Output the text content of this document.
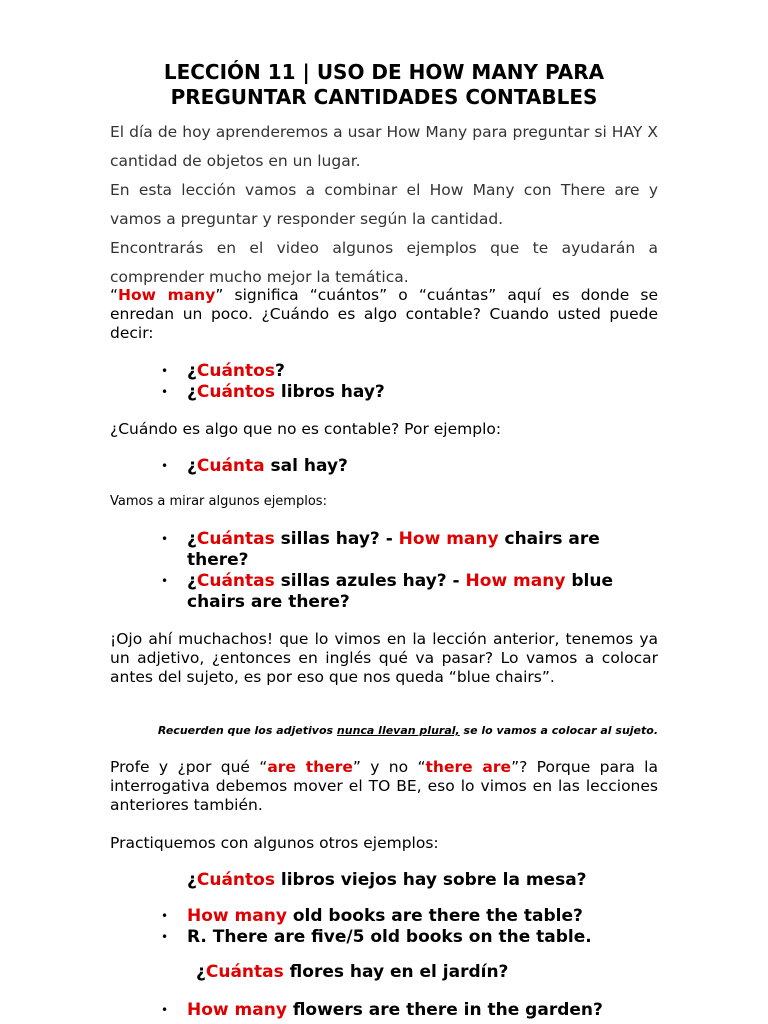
LECCIÓN 11 | USO DE HOW MANY PARA PREGUNTAR CANTIDADES CONTABLES

El día de hoy aprenderemos a usar How Many para preguntar si HAY X cantidad de objetos en un lugar.

En esta lección vamos a combinar el How Many con There are y vamos a preguntar y responder según la cantidad.

Encontrarás en el video algunos ejemplos que te ayudarán a comprender mucho mejor la temática.

“How many” significa “cuántos” o “cuántas” aquí es donde se enredan un poco. ¿Cuándo es algo contable? Cuando usted puede decir:
• ¿Cuántos?
• ¿Cuántos libros hay?
¿Cuándo es algo que no es contable? Por ejemplo:
• ¿Cuánta sal hay?
Vamos a mirar algunos ejemplos:
• ¿Cuántas sillas hay? - How many chairs are there?
• ¿Cuántas sillas azules hay? - How many blue chairs are there?
¡Ojo ahí muchachos! que lo vimos en la lección anterior, tenemos ya un adjetivo, ¿entonces en inglés qué va pasar? Lo vamos a colocar antes del sujeto, es por eso que nos queda “blue chairs”.
Recuerden que los adjetivos nunca llevan plural, se lo vamos a colocar al sujeto.
Profe y ¿por qué “are there” y no “there are”? Porque para la interrogativa debemos mover el TO BE, eso lo vimos en las lecciones anteriores también.
Practiquemos con algunos otros ejemplos:
¿Cuántos libros viejos hay sobre la mesa?
• How many old books are there the table?
• R. There are five/5 old books on the table.
¿Cuántas flores hay en el jardín?
• How many flowers are there in the garden?
